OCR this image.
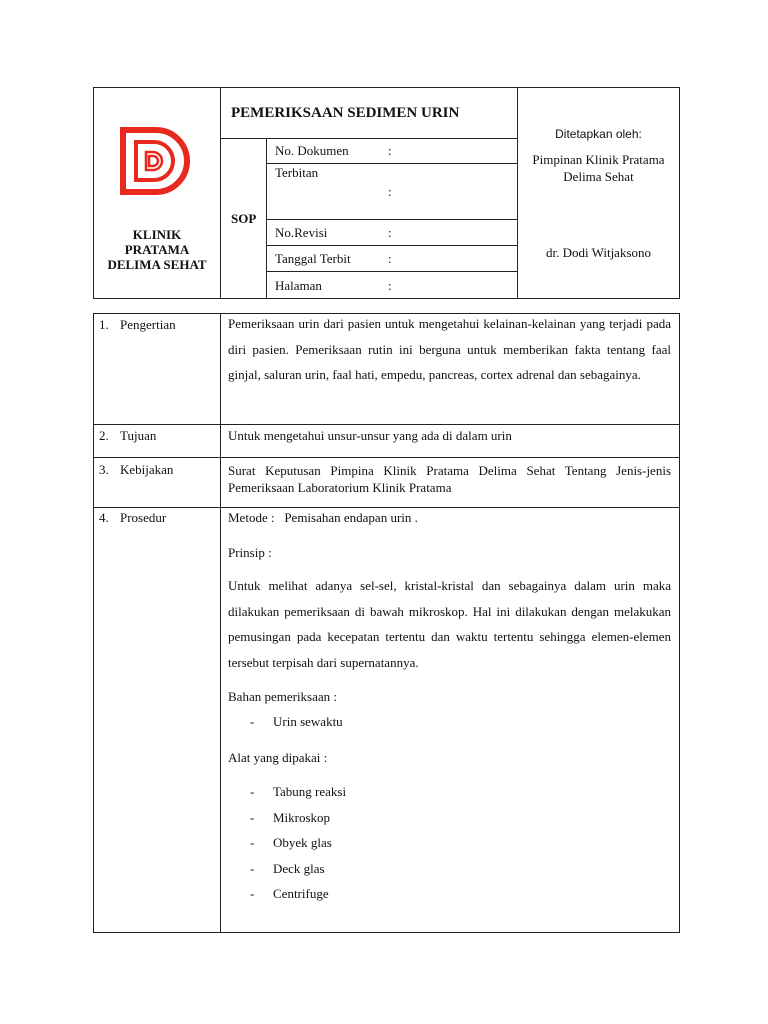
KLINIK
PRATAMA
DELIMA SEHAT
PEMERIKSAAN SEDIMEN URIN
SOP
No. Dokumen	:
Terbitan
:
No.Revisi	:
Tanggal Terbit	:
Halaman	:
Ditetapkan oleh:
Pimpinan Klinik Pratama
Delima Sehat
dr. Dodi Witjaksono
1. Pengertian	Pemeriksaan urin dari pasien untuk mengetahui kelainan-kelainan yang terjadi pada diri pasien. Pemeriksaan rutin ini berguna untuk memberikan fakta tentang faal ginjal, saluran urin, faal hati, empedu, pancreas, cortex adrenal dan sebagainya.
2. Tujuan	Untuk mengetahui unsur-unsur yang ada di dalam urin
3. Kebijakan	Surat Keputusan Pimpina Klinik Pratama Delima Sehat Tentang Jenis-jenis Pemeriksaan Laboratorium Klinik Pratama
4. Prosedur	Metode :   Pemisahan endapan urin .
Prinsip :
Untuk melihat adanya sel-sel, kristal-kristal dan sebagainya dalam urin maka dilakukan pemeriksaan di bawah mikroskop. Hal ini dilakukan dengan melakukan pemusingan pada kecepatan tertentu dan waktu tertentu sehingga elemen-elemen tersebut terpisah dari supernatannya.
Bahan pemeriksaan :
- Urin sewaktu
Alat yang dipakai :
- Tabung reaksi
- Mikroskop
- Obyek glas
- Deck glas
- Centrifuge
